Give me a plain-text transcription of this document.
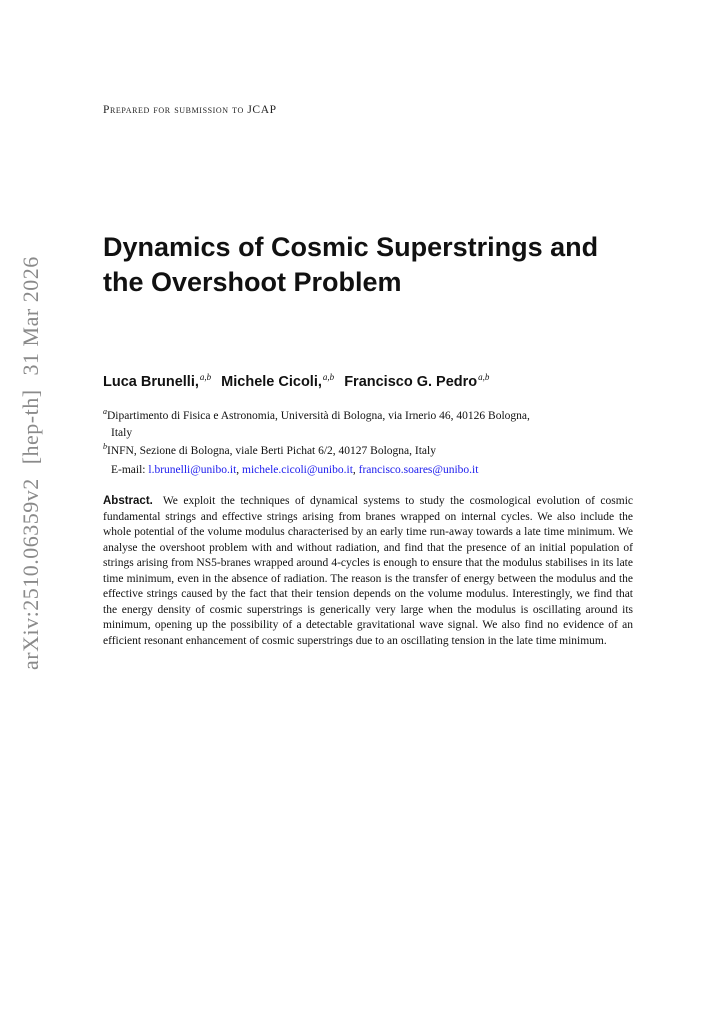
arXiv:2510.06359v2[hep-th]31 Mar 2026
Prepared for submission to JCAP
Dynamics of Cosmic Superstrings and
the Overshoot Problem
Luca Brunelli,$^{a,b}$ Michele Cicoli,$^{a,b}$ Francisco G. Pedro$^{a,b}$
$^a$Dipartimento di Fisica e Astronomia, Università di Bologna, via Irnerio 46, 40126 Bologna,
Italy
$^b$INFN, Sezione di Bologna, viale Berti Pichat 6/2, 40127 Bologna, Italy
E-mail: l.brunelli@unibo.it, michele.cicoli@unibo.it, francisco.soares@unibo.it

Abstract. We exploit the techniques of dynamical systems to study the cosmological evolution of cosmic fundamental strings and effective strings arising from branes wrapped on internal cycles. We also include the whole potential of the volume modulus characterised by an early time run-away towards a late time minimum. We analyse the overshoot problem with and without radiation, and find that the presence of an initial population of strings arising from NS5-branes wrapped around 4-cycles is enough to ensure that the modulus stabilises in its late time minimum, even in the absence of radiation. The reason is the transfer of energy between the modulus and the effective strings caused by the fact that their tension depends on the volume modulus. Interestingly, we find that the energy density of cosmic superstrings is generically very large when the modulus is oscillating around its minimum, opening up the possibility of a detectable gravitational wave signal. We also find no evidence of an efficient resonant enhancement of cosmic superstrings due to an oscillating tension in the late time minimum.
